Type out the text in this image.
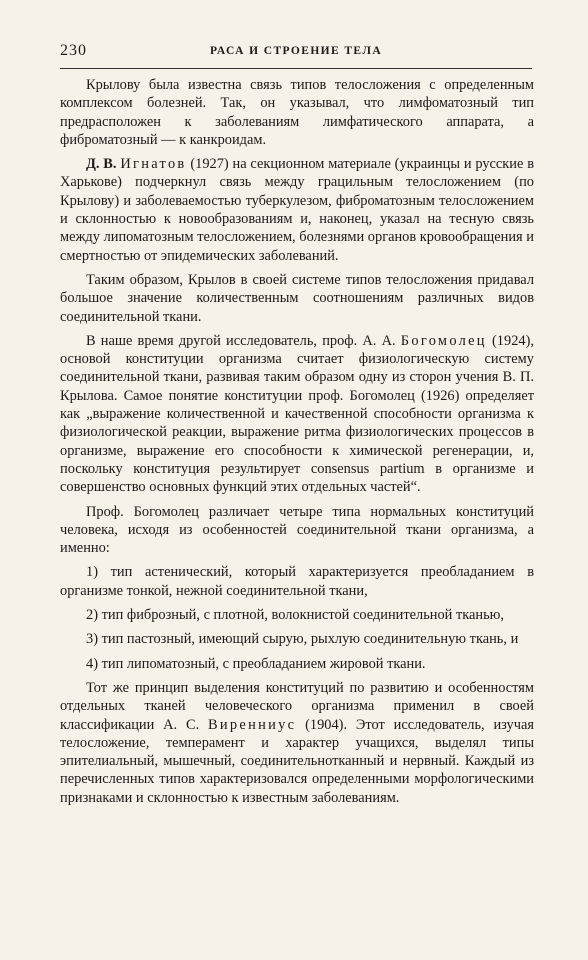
230	РАСА И СТРОЕНИЕ ТЕЛА

Крылову была известна связь типов телосложения с определенным комплексом болезней. Так, он указывал, что лимфоматозный тип предрасположен к заболеваниям лимфатического аппарата, а фиброматозный — к канкроидам.

Д. В. Игнатов (1927) на секционном материале (украинцы и русские в Харькове) подчеркнул связь между грацильным телосложением (по Крылову) и заболеваемостью туберкулезом, фиброматозным телосложением и склонностью к новообразованиям и, наконец, указал на тесную связь между липоматозным телосложением, болезнями органов кровообращения и смертностью от эпидемических заболеваний.

Таким образом, Крылов в своей системе типов телосложения придавал большое значение количественным соотношениям различных видов соединительной ткани.

В наше время другой исследователь, проф. А. А. Богомолец (1924), основой конституции организма считает физиологическую систему соединительной ткани, развивая таким образом одну из сторон учения В. П. Крылова. Самое понятие конституции проф. Богомолец (1926) определяет как „выражение количественной и качественной способности организма к физиологической реакции, выражение ритма физиологических процессов в организме, выражение его способности к химической регенерации, и, поскольку конституция результирует consensus partium в организме и совершенство основных функций этих отдельных частей“.

Проф. Богомолец различает четыре типа нормальных конституций человека, исходя из особенностей соединительной ткани организма, а именно:

1) тип астенический, который характеризуется преобладанием в организме тонкой, нежной соединительной ткани,

2) тип фиброзный, с плотной, волокнистой соединительной тканью,

3) тип пастозный, имеющий сырую, рыхлую соединительную ткань, и

4) тип липоматозный, с преобладанием жировой ткани.

Тот же принцип выделения конституций по развитию и особенностям отдельных тканей человеческого организма применил в своей классификации А. С. Виренниус (1904). Этот исследователь, изучая телосложение, темперамент и характер учащихся, выделял типы эпителиальный, мышечный, соединительнотканный и нервный. Каждый из перечисленных типов характеризовался определенными морфологическими признаками и склонностью к известным заболеваниям.
